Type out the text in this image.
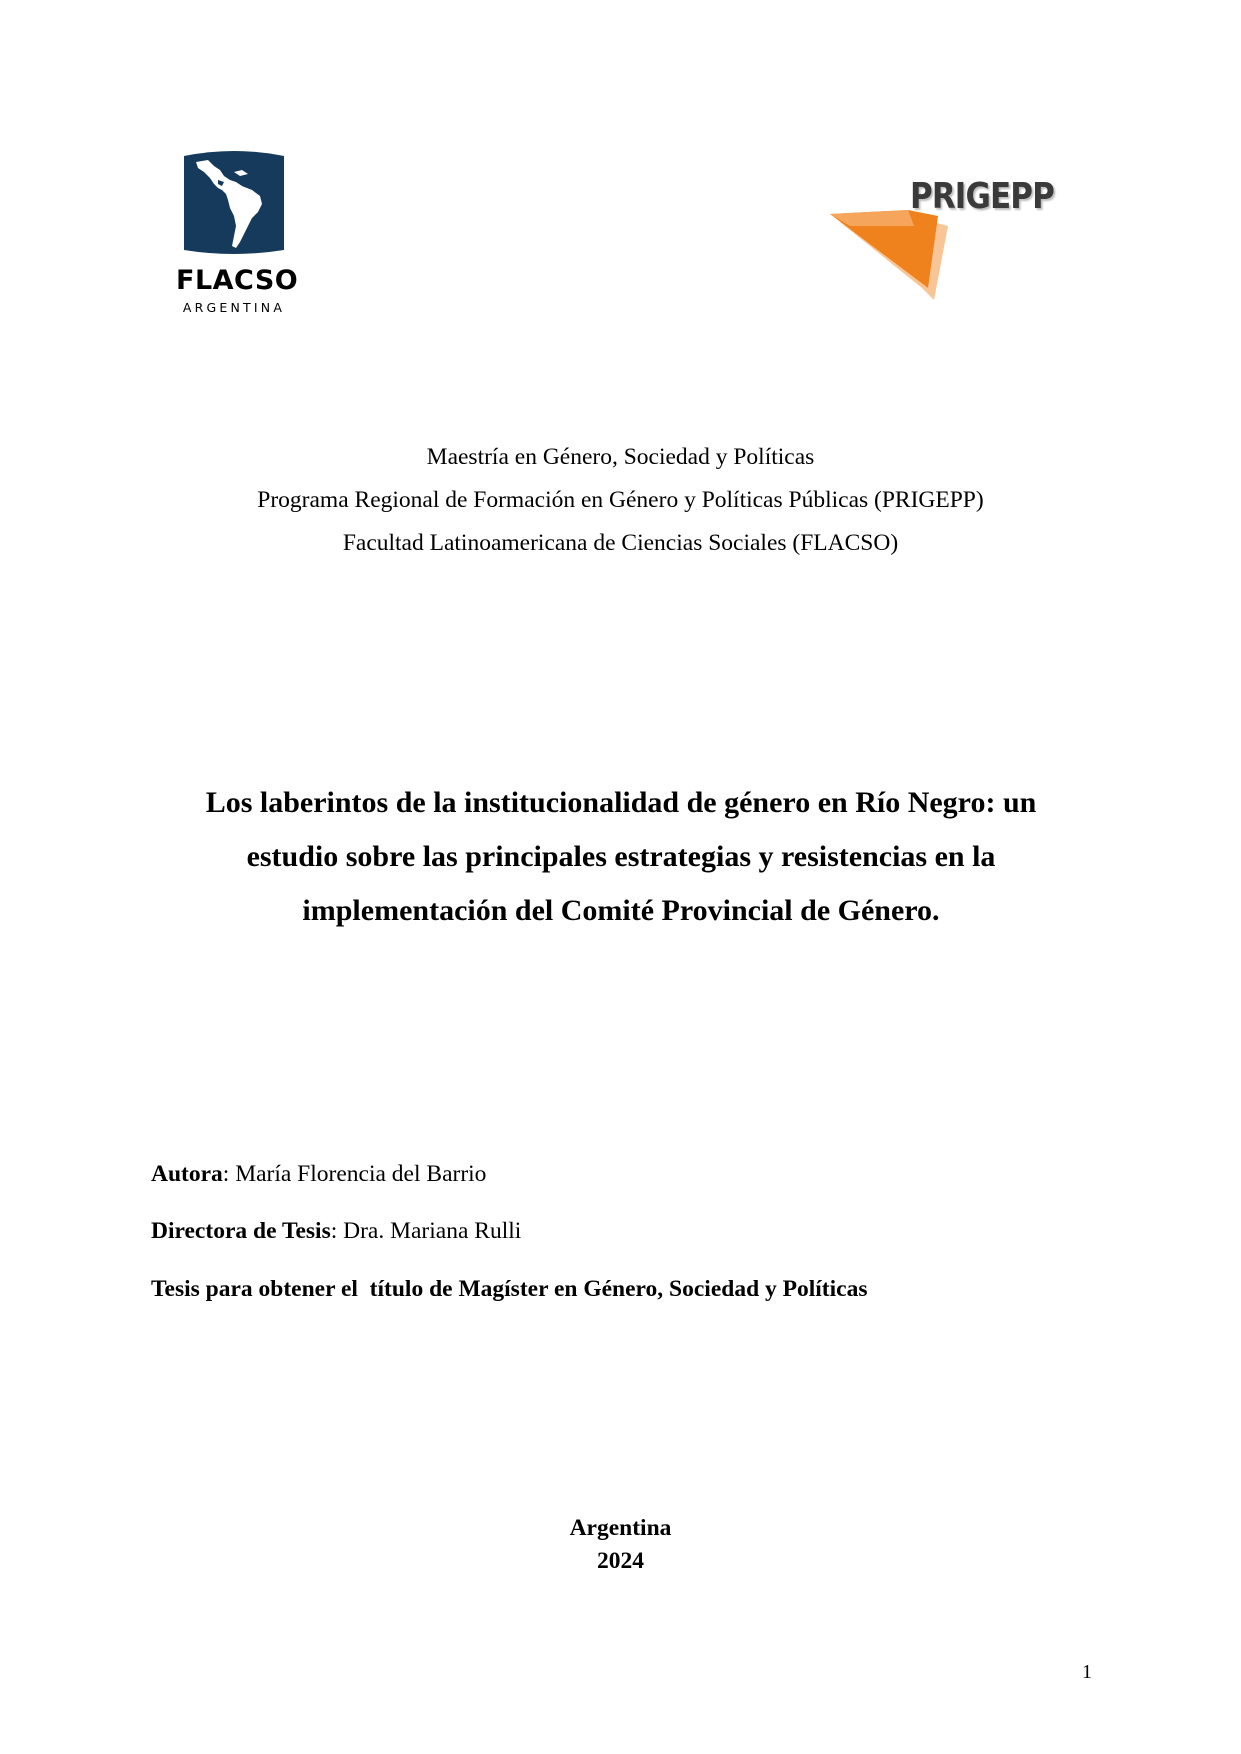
FLACSO
ARGENTINA
PRIGEPP
Maestría en Género, Sociedad y Políticas
Programa Regional de Formación en Género y Políticas Públicas (PRIGEPP)
Facultad Latinoamericana de Ciencias Sociales (FLACSO)
Los laberintos de la institucionalidad de género en Río Negro: un
estudio sobre las principales estrategias y resistencias en la
implementación del Comité Provincial de Género.
Autora: María Florencia del Barrio
Directora de Tesis: Dra. Mariana Rulli
Tesis para obtener el  título de Magíster en Género, Sociedad y Políticas
Argentina
2024
1
